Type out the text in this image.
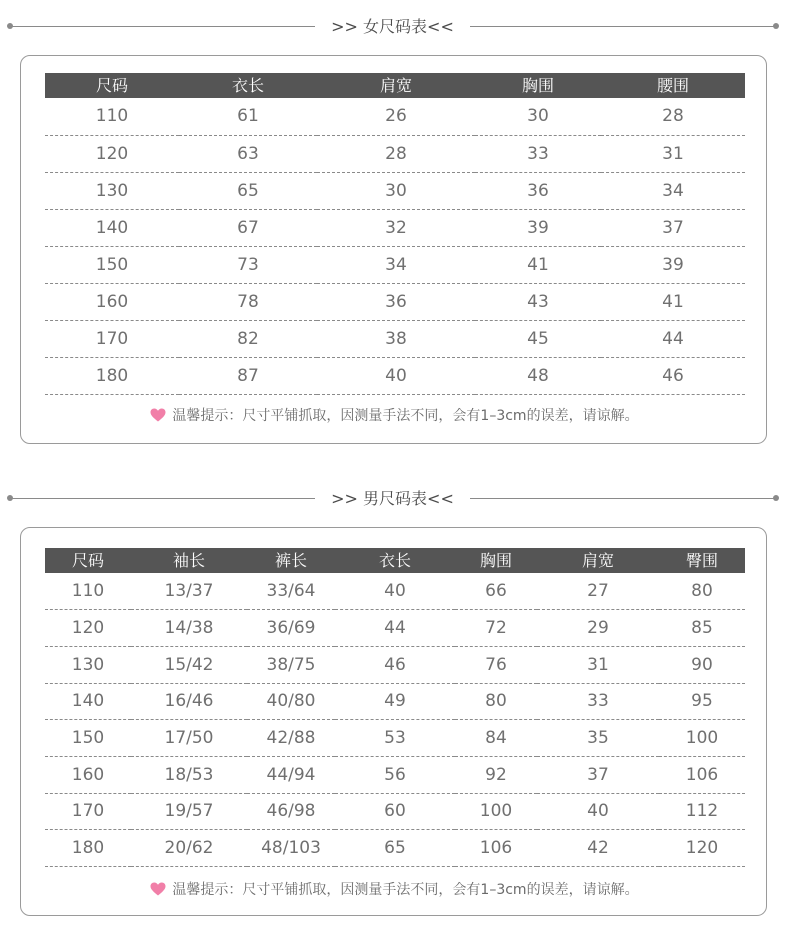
>> 女尺码表<<
尺码	衣长	肩宽	胸围	腰围
110	61	26	30	28
120	63	28	33	31
130	65	30	36	34
140	67	32	39	37
150	73	34	41	39
160	78	36	43	41
170	82	38	45	44
180	87	40	48	46
温馨提示：尺寸平铺抓取，因测量手法不同，会有1–3cm的误差，请谅解。
>> 男尺码表<<
尺码	袖长	裤长	衣长	胸围	肩宽	臀围
110	13/37	33/64	40	66	27	80
120	14/38	36/69	44	72	29	85
130	15/42	38/75	46	76	31	90
140	16/46	40/80	49	80	33	95
150	17/50	42/88	53	84	35	100
160	18/53	44/94	56	92	37	106
170	19/57	46/98	60	100	40	112
180	20/62	48/103	65	106	42	120
温馨提示：尺寸平铺抓取，因测量手法不同，会有1–3cm的误差，请谅解。
